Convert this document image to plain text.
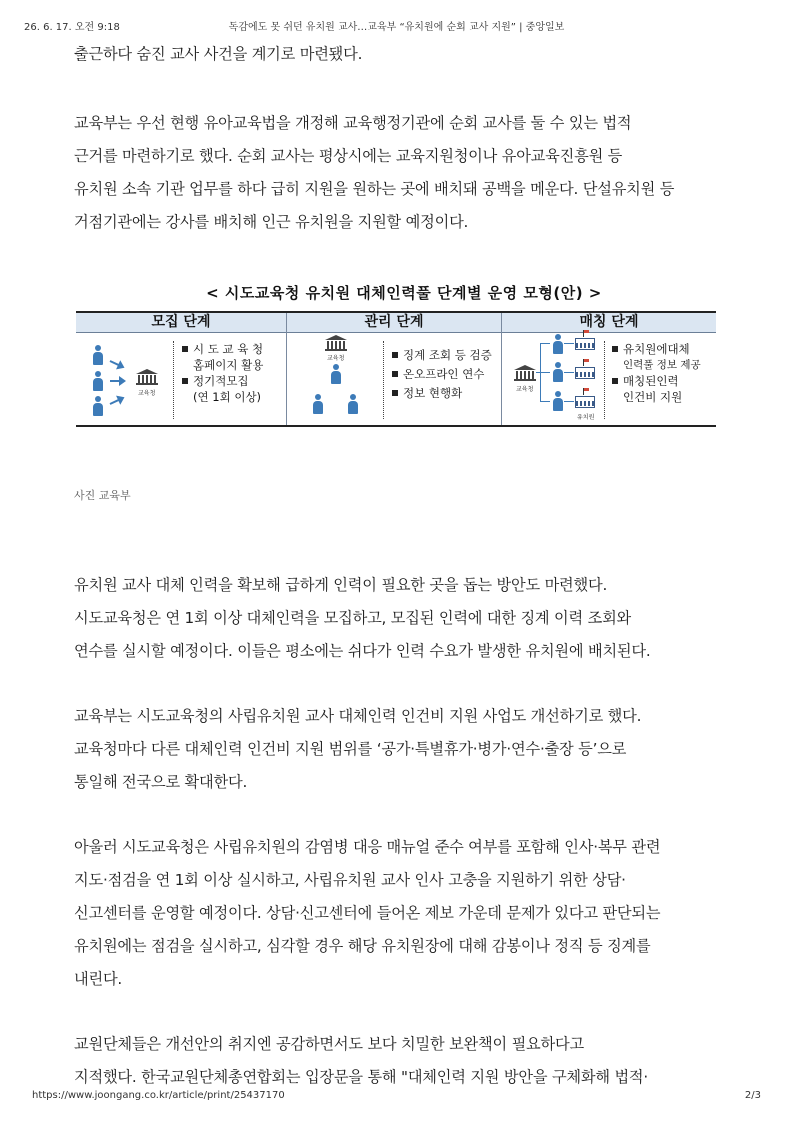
26. 6. 17. 오전 9:18	독감에도 못 쉬던 유치원 교사…교육부 “유치원에 순회 교사 지원” | 중앙일보

출근하다 숨진 교사 사건을 계기로 마련됐다.

교육부는 우선 현행 유아교육법을 개정해 교육행정기관에 순회 교사를 둘 수 있는 법적
근거를 마련하기로 했다. 순회 교사는 평상시에는 교육지원청이나 유아교육진흥원 등
유치원 소속 기관 업무를 하다 급히 지원을 원하는 곳에 배치돼 공백을 메운다. 단설유치원 등
거점기관에는 강사를 배치해 인근 유치원을 지원할 예정이다.

< 시도교육청 유치원 대체인력풀 단계별 운영 모형(안) >
모집 단계	관리 단계	매칭 단계
교육청
시 도 교 육 청
홈페이지 활용
정기적모집
(연 1회 이상)
교육청	징계 조회 등 검증
온오프라인 연수
정보 현행화	교육청
유치원
유치원에대체
인력풀 정보 제공
매칭된인력
인건비 지원
사진 교육부

유치원 교사 대체 인력을 확보해 급하게 인력이 필요한 곳을 돕는 방안도 마련했다.
시도교육청은 연 1회 이상 대체인력을 모집하고, 모집된 인력에 대한 징계 이력 조회와
연수를 실시할 예정이다. 이들은 평소에는 쉬다가 인력 수요가 발생한 유치원에 배치된다.

교육부는 시도교육청의 사립유치원 교사 대체인력 인건비 지원 사업도 개선하기로 했다.
교육청마다 다른 대체인력 인건비 지원 범위를 ‘공가·특별휴가·병가·연수·출장 등’으로
통일해 전국으로 확대한다.

아울러 시도교육청은 사립유치원의 감염병 대응 매뉴얼 준수 여부를 포함해 인사·복무 관련
지도·점검을 연 1회 이상 실시하고, 사립유치원 교사 인사 고충을 지원하기 위한 상담·
신고센터를 운영할 예정이다. 상담·신고센터에 들어온 제보 가운데 문제가 있다고 판단되는
유치원에는 점검을 실시하고, 심각할 경우 해당 유치원장에 대해 감봉이나 정직 등 징계를
내린다.

교원단체들은 개선안의 취지엔 공감하면서도 보다 치밀한 보완책이 필요하다고
지적했다. 한국교원단체총연합회는 입장문을 통해 "대체인력 지원 방안을 구체화해 법적·

https://www.joongang.co.kr/article/print/25437170	2/3
